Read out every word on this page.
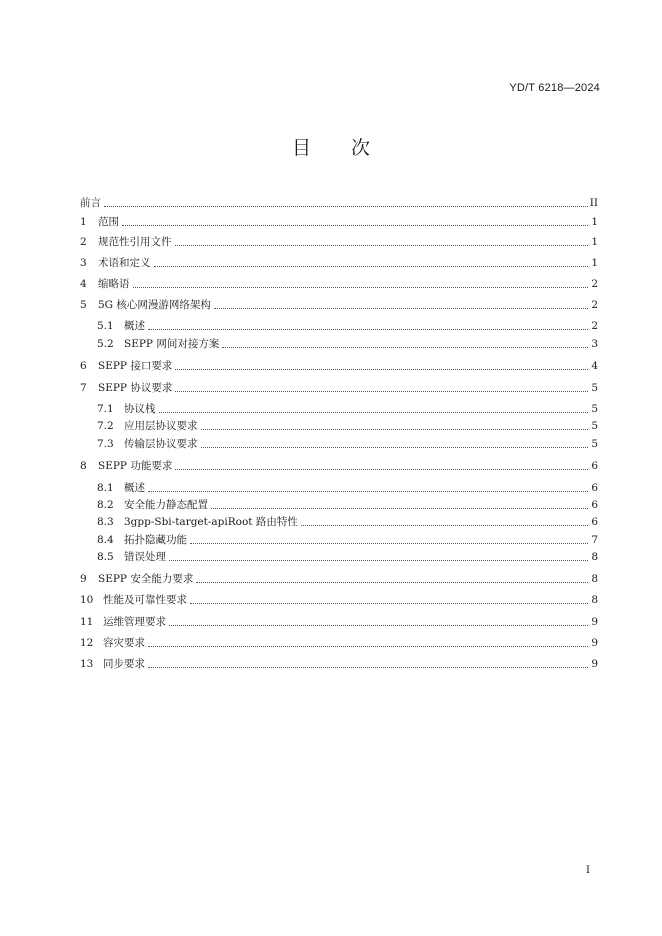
YD/T 6218—2024
目 次
前言	II
1	范围	1
2	规范性引用文件	1
3	术语和定义	1
4	缩略语	2
5	5G 核心网漫游网络架构	2
5.1 概述	2
5.2 SEPP 网间对接方案	3
6	SEPP 接口要求	4
7	SEPP 协议要求	5
7.1 协议栈	5
7.2 应用层协议要求	5
7.3 传输层协议要求	5
8	SEPP 功能要求	6
8.1 概述	6
8.2 安全能力静态配置	6
8.3 3gpp-Sbi-target-apiRoot 路由特性	6
8.4 拓扑隐藏功能	7
8.5 错误处理	8
9	SEPP 安全能力要求	8
10 性能及可靠性要求	8
11 运维管理要求	9
12 容灾要求	9
13 同步要求	9
I
